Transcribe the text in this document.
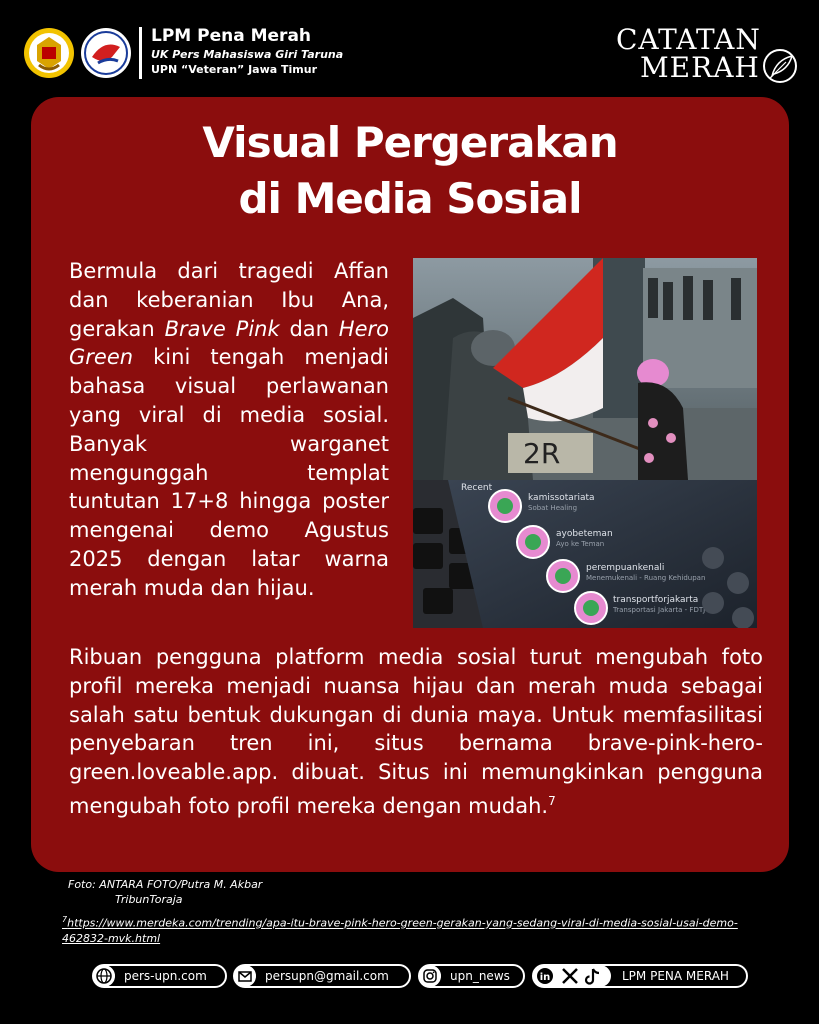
LPM Pena Merah
UK Pers Mahasiswa Giri Taruna
UPN “Veteran” Jawa Timur
CATATAN
MERAH
Visual Pergerakan
di Media Sosial
Bermula dari tragedi Affan dan keberanian Ibu Ana, gerakan Brave Pink dan Hero Green kini tengah menjadi bahasa visual perlawanan yang viral di media sosial. Banyak warganet mengunggah templat tuntutan 17+8 hingga poster mengenai demo Agustus 2025 dengan latar warna merah muda dan hijau.
2R
Recent
kamissotariata
ayobeteman
perempuankenali
transportforjakarta
Sobat Healing
Ayo ke Teman
Menemukenali - Ruang Kehidupan
Transportasi Jakarta - FDTJ
Ribuan pengguna platform media sosial turut mengubah foto profil mereka menjadi nuansa hijau dan merah muda sebagai salah satu bentuk dukungan di dunia maya. Untuk memfasilitasi penyebaran tren ini, situs bernama brave-pink-hero-green.loveable.app. dibuat. Situs ini memungkinkan pengguna mengubah foto profil mereka dengan mudah.$^7$
Foto: ANTARA FOTO/Putra M. Akbar
TribunToraja
$^7$https://www.merdeka.com/trending/apa-itu-brave-pink-hero-green-gerakan-yang-sedang-viral-di-media-sosial-usai-demo-462832-mvk.html
pers-upn.com	persupn@gmail.com	upn_news	in	LPM PENA MERAH
